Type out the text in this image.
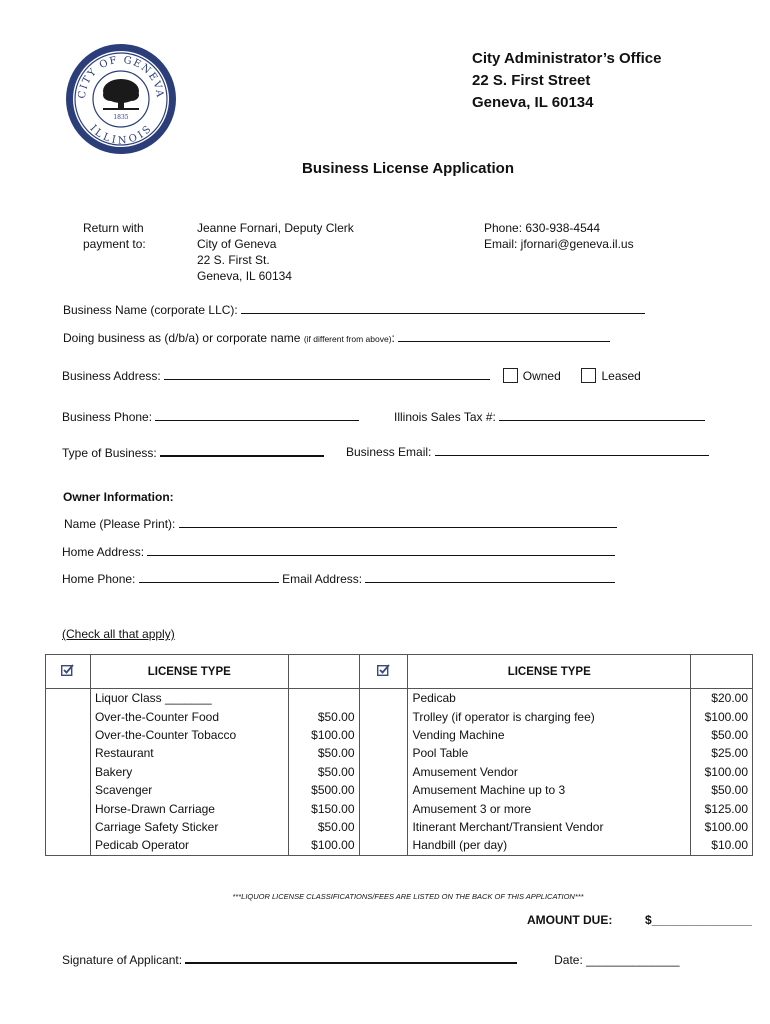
CITY OF GENEVA
ILLINOIS
1835
City Administrator’s Office
22 S. First Street
Geneva, IL 60134
Business License Application
Return with
payment to:
Jeanne Fornari, Deputy Clerk
City of Geneva
22 S. First St.
Geneva, IL 60134
Phone: 630-938-4544
Email: jfornari@geneva.il.us
Business Name (corporate LLC):
Doing business as (d/b/a) or corporate name (if different from above):
Business Address:	Owned	Leased
Business Phone:	Illinois Sales Tax #:
Type of Business:	Business Email:
Owner Information:
Name (Please Print):
Home Address:
Home Phone:	Email Address:
(Check all that apply)
	LICENSE TYPE			LICENSE TYPE	
	Liquor Class _______			Pedicab	$20.00
	Over-the-Counter Food	$50.00		Trolley (if operator is charging fee)	$100.00
	Over-the-Counter Tobacco	$100.00		Vending Machine	$50.00
	Restaurant	$50.00		Pool Table	$25.00
	Bakery	$50.00		Amusement Vendor	$100.00
	Scavenger	$500.00		Amusement Machine up to 3	$50.00
	Horse-Drawn Carriage	$150.00		Amusement 3 or more	$125.00
	Carriage Safety Sticker	$50.00		Itinerant Merchant/Transient Vendor	$100.00
	Pedicab Operator	$100.00		Handbill (per day)	$10.00
***LIQUOR LICENSE CLASSIFICATIONS/FEES ARE LISTED ON THE BACK OF THIS APPLICATION***
AMOUNT DUE:	$_______________
Signature of Applicant:	Date: ______________
